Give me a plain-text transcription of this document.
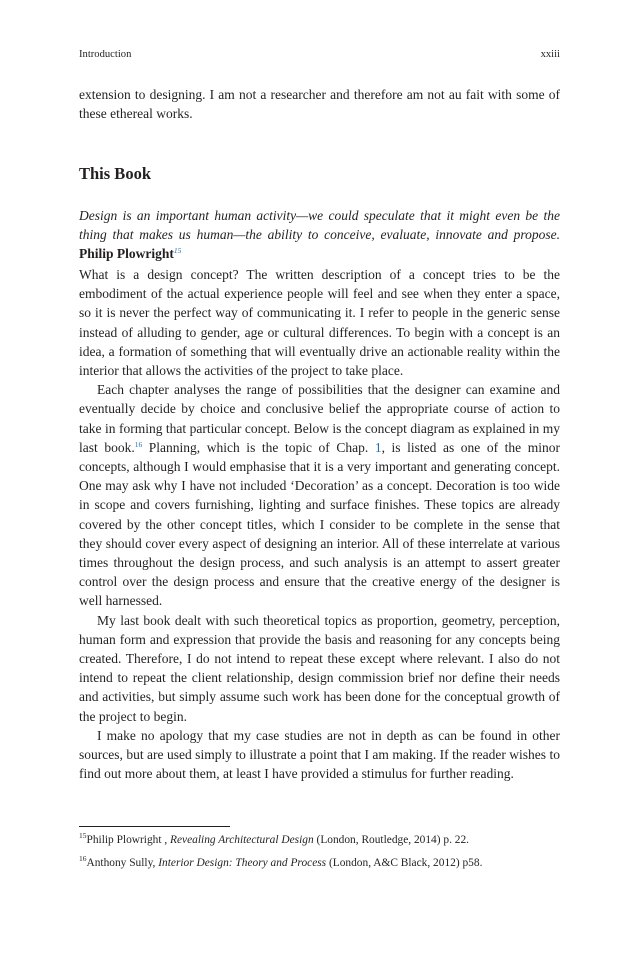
Introduction	xxiii

extension to designing. I am not a researcher and therefore am not au fait with some of these ethereal works.

This Book

Design is an important human activity—we could speculate that it might even be the thing that makes us human—the ability to conceive, evaluate, innovate and propose. Philip Plowright$^{15}$

What is a design concept? The written description of a concept tries to be the embodiment of the actual experience people will feel and see when they enter a space, so it is never the perfect way of communicating it. I refer to people in the generic sense instead of alluding to gender, age or cultural differences. To begin with a concept is an idea, a formation of something that will eventually drive an actionable reality within the interior that allows the activities of the project to take place.

Each chapter analyses the range of possibilities that the designer can examine and eventually decide by choice and conclusive belief the appropriate course of action to take in forming that particular concept. Below is the concept diagram as explained in my last book.$^{16}$ Planning, which is the topic of Chap. 1, is listed as one of the minor concepts, although I would emphasise that it is a very important and generating concept. One may ask why I have not included ‘Decoration’ as a concept. Decoration is too wide in scope and covers furnishing, lighting and surface finishes. These topics are already covered by the other concept titles, which I consider to be complete in the sense that they should cover every aspect of designing an interior. All of these interrelate at various times throughout the design process, and such analysis is an attempt to assert greater control over the design process and ensure that the creative energy of the designer is well harnessed.

My last book dealt with such theoretical topics as proportion, geometry, perception, human form and expression that provide the basis and reasoning for any concepts being created. Therefore, I do not intend to repeat these except where relevant. I also do not intend to repeat the client relationship, design commission brief nor define their needs and activities, but simply assume such work has been done for the conceptual growth of the project to begin.

I make no apology that my case studies are not in depth as can be found in other sources, but are used simply to illustrate a point that I am making. If the reader wishes to find out more about them, at least I have provided a stimulus for further reading.

$^{15}$Philip Plowright , Revealing Architectural Design (London, Routledge, 2014) p. 22.

$^{16}$Anthony Sully, Interior Design: Theory and Process (London, A&C Black, 2012) p58.
